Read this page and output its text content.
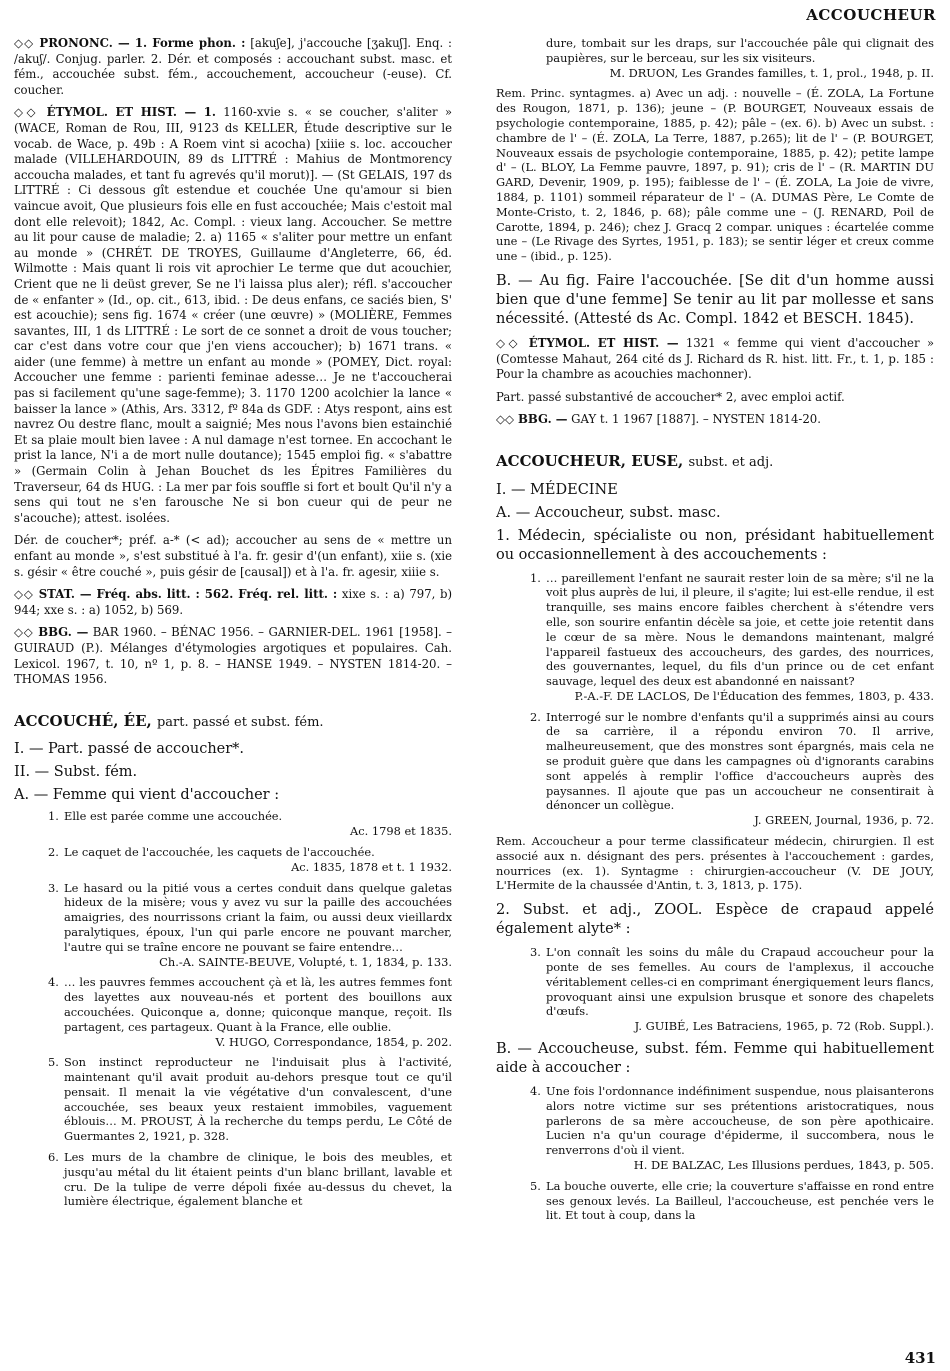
ACCOUCHEUR

◇◇ PRONONC. — 1. Forme phon. : [akuʃe], j'accouche [ʒakuʃ]. Enq. : /akuʃ/. Conjug. parler. 2. Dér. et composés : accouchant subst. masc. et fém., accouchée subst. fém., accouchement, accoucheur (-euse). Cf. coucher.

◇◇ ÉTYMOL. ET HIST. — 1. 1160-xvie s. « se coucher, s'aliter » (WACE, Roman de Rou, III, 9123 ds KELLER, Étude descriptive sur le vocab. de Wace, p. 49b : A Roem vint si acocha) [xiiie s. loc. accoucher malade (VILLEHARDOUIN, 89 ds LITTRÉ : Mahius de Montmorency accoucha malades, et tant fu agrevés qu'il morut)]. — (St GELAIS, 197 ds LITTRÉ : Ci dessous gît estendue et couchée Une qu'amour si bien vaincue avoit, Que plusieurs fois elle en fust accouchée; Mais c'estoit mal dont elle relevoit); 1842, Ac. Compl. : vieux lang. Accoucher. Se mettre au lit pour cause de maladie; 2. a) 1165 « s'aliter pour mettre un enfant au monde » (CHRÉT. DE TROYES, Guillaume d'Angleterre, 66, éd. Wilmotte : Mais quant li rois vit aprochier Le terme que dut acouchier, Crient que ne li deüst grever, Se ne l'i laissa plus aler); réfl. s'accoucher de « enfanter » (Id., op. cit., 613, ibid. : De deus enfans, ce saciés bien, S' est acouchie); sens fig. 1674 « créer (une œuvre) » (MOLIÈRE, Femmes savantes, III, 1 ds LITTRÉ : Le sort de ce sonnet a droit de vous toucher; car c'est dans votre cour que j'en viens accoucher); b) 1671 trans. « aider (une femme) à mettre un enfant au monde » (POMEY, Dict. royal: Accoucher une femme : parienti feminae adesse… Je ne t'accoucherai pas si facilement qu'une sage-femme); 3. 1170 1200 acolchier la lance « baisser la lance » (Athis, Ars. 3312, fº 84a ds GDF. : Atys respont, ains est navrez Ou destre flanc, moult a saignié; Mes nous l'avons bien estainchié Et sa plaie moult bien lavee : A nul damage n'est tornee. En accochant le prist la lance, N'i a de mort nulle doutance); 1545 emploi fig. « s'abattre » (Germain Colin à Jehan Bouchet ds les Épitres Familières du Traverseur, 64 ds HUG. : La mer par fois souffle si fort et boult Qu'il n'y a sens qui tout ne s'en farousche Ne si bon cueur qui de peur ne s'acouche); attest. isolées.

Dér. de coucher*; préf. a-* (< ad); accoucher au sens de « mettre un enfant au monde », s'est substitué à l'a. fr. gesir d'(un enfant), xiie s. (xie s. gésir « être couché », puis gésir de [causal]) et à l'a. fr. agesir, xiiie s.

◇◇ STAT. — Fréq. abs. litt. : 562. Fréq. rel. litt. : xixe s. : a) 797, b) 944; xxe s. : a) 1052, b) 569.

◇◇ BBG. — BAR 1960. – BÉNAC 1956. – GARNIER-DEL. 1961 [1958]. – GUIRAUD (P.). Mélanges d'étymologies argotiques et populaires. Cah. Lexicol. 1967, t. 10, nº 1, p. 8. – HANSE 1949. – NYSTEN 1814-20. – THOMAS 1956.

ACCOUCHÉ, ÉE, part. passé et subst. fém.
I. — Part. passé de accoucher*.
II. — Subst. fém.
A. — Femme qui vient d'accoucher :
1. Elle est parée comme une accouchée.
Ac. 1798 et 1835.
2. Le caquet de l'accouchée, les caquets de l'accouchée.
Ac. 1835, 1878 et t. 1 1932.
3. Le hasard ou la pitié vous a certes conduit dans quelque galetas hideux de la misère; vous y avez vu sur la paille des accouchées amaigries, des nourrissons criant la faim, ou aussi deux vieillardx paralytiques, époux, l'un qui parle encore ne pouvant marcher, l'autre qui se traîne encore ne pouvant se faire entendre…
Ch.-A. SAINTE-BEUVE, Volupté, t. 1, 1834, p. 133.
4. … les pauvres femmes accouchent çà et là, les autres femmes font des layettes aux nouveau-nés et portent des bouillons aux accouchées. Quiconque a, donne; quiconque manque, reçoit. Ils partagent, ces partageux. Quant à la France, elle oublie.
V. HUGO, Correspondance, 1854, p. 202.
5. Son instinct reproducteur ne l'induisait plus à l'activité, maintenant qu'il avait produit au-dehors presque tout ce qu'il pensait. Il menait la vie végétative d'un convalescent, d'une accouchée, ses beaux yeux restaient immobiles, vaguement éblouis… M. PROUST, À la recherche du temps perdu, Le Côté de Guermantes 2, 1921, p. 328.
6. Les murs de la chambre de clinique, le bois des meubles, et jusqu'au métal du lit étaient peints d'un blanc brillant, lavable et cru. De la tulipe de verre dépoli fixée au-dessus du chevet, la lumière électrique, également blanche et
dure, tombait sur les draps, sur l'accouchée pâle qui clignait des paupières, sur le berceau, sur les six visiteurs.
M. DRUON, Les Grandes familles, t. 1, prol., 1948, p. II.

Rem. Princ. syntagmes. a) Avec un adj. : nouvelle – (É. ZOLA, La Fortune des Rougon, 1871, p. 136); jeune – (P. BOURGET, Nouveaux essais de psychologie contemporaine, 1885, p. 42); pâle – (ex. 6). b) Avec un subst. : chambre de l' – (É. ZOLA, La Terre, 1887, p.265); lit de l' – (P. BOURGET, Nouveaux essais de psychologie contemporaine, 1885, p. 42); petite lampe d' – (L. BLOY, La Femme pauvre, 1897, p. 91); cris de l' – (R. MARTIN DU GARD, Devenir, 1909, p. 195); faiblesse de l' – (É. ZOLA, La Joie de vivre, 1884, p. 1101) sommeil réparateur de l' – (A. DUMAS Père, Le Comte de Monte-Cristo, t. 2, 1846, p. 68); pâle comme une – (J. RENARD, Poil de Carotte, 1894, p. 246); chez J. Gracq 2 compar. uniques : écartelée comme une – (Le Rivage des Syrtes, 1951, p. 183); se sentir léger et creux comme une – (ibid., p. 125).

B. — Au fig. Faire l'accouchée. [Se dit d'un homme aussi bien que d'une femme] Se tenir au lit par mollesse et sans nécessité. (Attesté ds Ac. Compl. 1842 et BESCH. 1845).

◇◇ ÉTYMOL. ET HIST. — 1321 « femme qui vient d'accoucher » (Comtesse Mahaut, 264 cité ds J. Richard ds R. hist. litt. Fr., t. 1, p. 185 : Pour la chambre as acouchies machonner).

Part. passé substantivé de accoucher* 2, avec emploi actif.

◇◇ BBG. — GAY t. 1 1967 [1887]. – NYSTEN 1814-20.

ACCOUCHEUR, EUSE, subst. et adj.
I. — MÉDECINE
A. — Accoucheur, subst. masc.

1. Médecin, spécialiste ou non, présidant habituellement ou occasionnellement à des accouchements :

1. … pareillement l'enfant ne saurait rester loin de sa mère; s'il ne la voit plus auprès de lui, il pleure, il s'agite; lui est-elle rendue, il est tranquille, ses mains encore faibles cherchent à s'étendre vers elle, son sourire enfantin décèle sa joie, et cette joie retentit dans le cœur de sa mère. Nous le demandons maintenant, malgré l'appareil fastueux des accoucheurs, des gardes, des nourrices, des gouvernantes, lequel, du fils d'un prince ou de cet enfant sauvage, lequel des deux est abandonné en naissant?
P.-A.-F. DE LACLOS, De l'Éducation des femmes, 1803, p. 433.
2. Interrogé sur le nombre d'enfants qu'il a supprimés ainsi au cours de sa carrière, il a répondu environ 70. Il arrive, malheureusement, que des monstres sont épargnés, mais cela ne se produit guère que dans les campagnes où d'ignorants carabins sont appelés à remplir l'office d'accoucheurs auprès des paysannes. Il ajoute que pas un accoucheur ne consentirait à dénoncer un collègue.
J. GREEN, Journal, 1936, p. 72.

Rem. Accoucheur a pour terme classificateur médecin, chirurgien. Il est associé aux n. désignant des pers. présentes à l'accouchement : gardes, nourrices (ex. 1). Syntagme : chirurgien-accoucheur (V. DE JOUY, L'Hermite de la chaussée d'Antin, t. 3, 1813, p. 175).

2. Subst. et adj., ZOOL. Espèce de crapaud appelé également alyte* :

3. L'on connaît les soins du mâle du Crapaud accoucheur pour la ponte de ses femelles. Au cours de l'amplexus, il accouche véritablement celles-ci en comprimant énergiquement leurs flancs, provoquant ainsi une expulsion brusque et sonore des chapelets d'œufs.
J. GUIBÉ, Les Batraciens, 1965, p. 72 (Rob. Suppl.).

B. — Accoucheuse, subst. fém. Femme qui habituellement aide à accoucher :

4. Une fois l'ordonnance indéfiniment suspendue, nous plaisanterons alors notre victime sur ses prétentions aristocratiques, nous parlerons de sa mère accoucheuse, de son père apothicaire. Lucien n'a qu'un courage d'épiderme, il succombera, nous le renverrons d'où il vient.
H. DE BALZAC, Les Illusions perdues, 1843, p. 505.
5. La bouche ouverte, elle crie; la couverture s'affaisse en rond entre ses genoux levés. La Bailleul, l'accoucheuse, est penchée vers le lit. Et tout à coup, dans la
431
